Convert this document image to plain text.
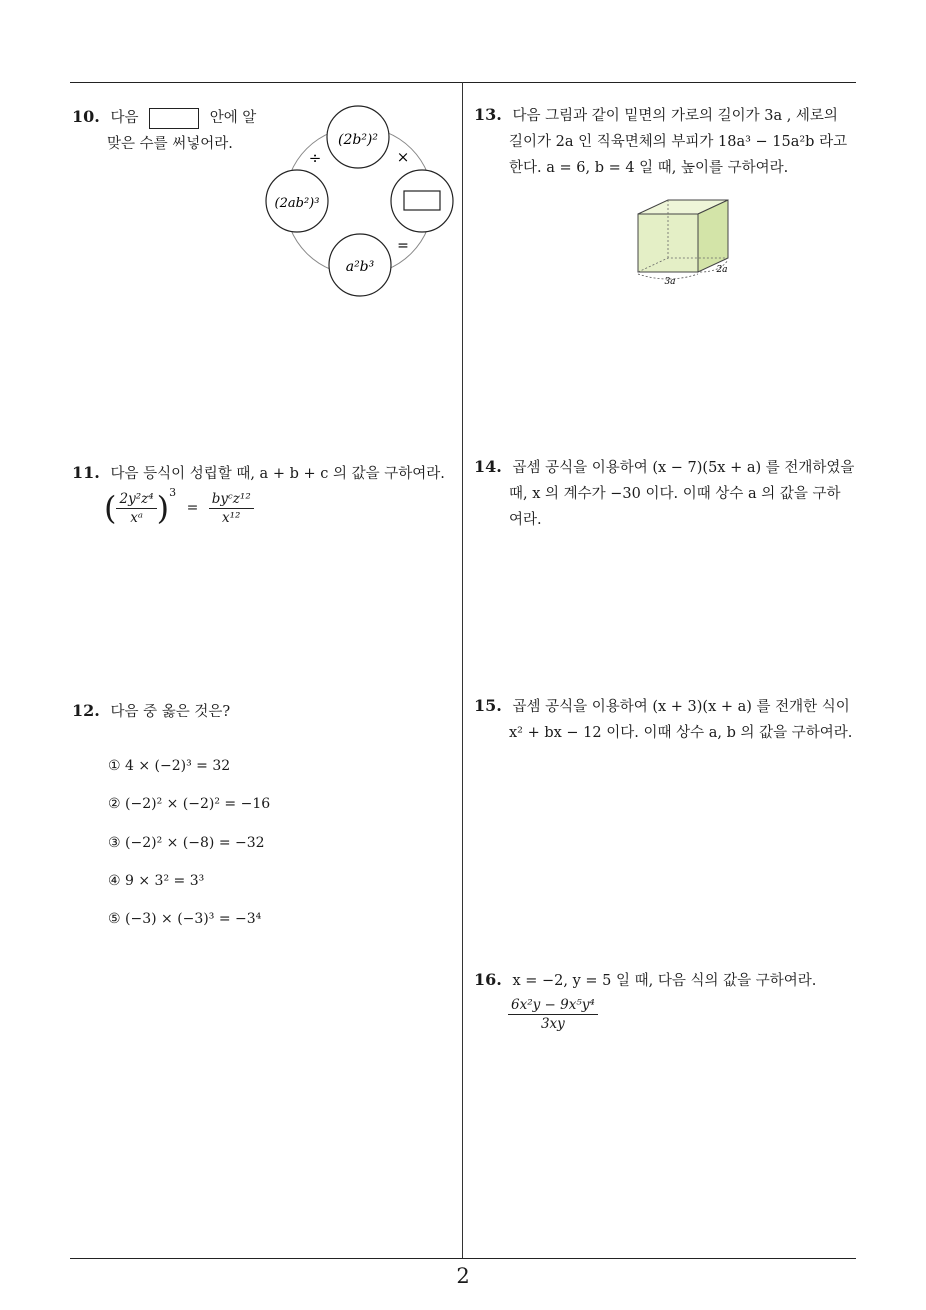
2
10. 다음	안에 알
맞은 수를 써넣어라.	(2b²)²
(2ab²)³
a²b³
÷	×
=
11. 다음 등식이 성립할 때, a + b + c 의 값을 구하여라.
( $\frac{\text{2y²z⁴}}{\text{xᵃ}} )^3 = \frac{\text{byᶜz¹²}}{\text{x¹²}}$
12. 다음 중 옳은 것은?
① 4 × (−2)³ = 32
② (−2)² × (−2)² = −16
③ (−2)² × (−8) = −32
④ 9 × 3² = 3³
⑤ (−3) × (−3)³ = −3⁴
13. 다음 그림과 같이 밑면의 가로의 길이가 3a , 세로의
길이가 2a 인 직육면체의 부피가 18a³ − 15a²b 라고
한다. a = 6, b = 4 일 때, 높이를 구하여라.
3a
2a
14. 곱셈 공식을 이용하여 (x − 7)(5x + a) 를 전개하였을
때, x 의 계수가 −30 이다. 이때 상수 a 의 값을 구하
여라.
15. 곱셈 공식을 이용하여 (x + 3)(x + a) 를 전개한 식이
x² + bx − 12 이다. 이때 상수 a, b 의 값을 구하여라.
16. x = −2, y = 5 일 때, 다음 식의 값을 구하여라.
$\frac{\text{6x²y − 9x⁵y⁴}}{3xy}$
